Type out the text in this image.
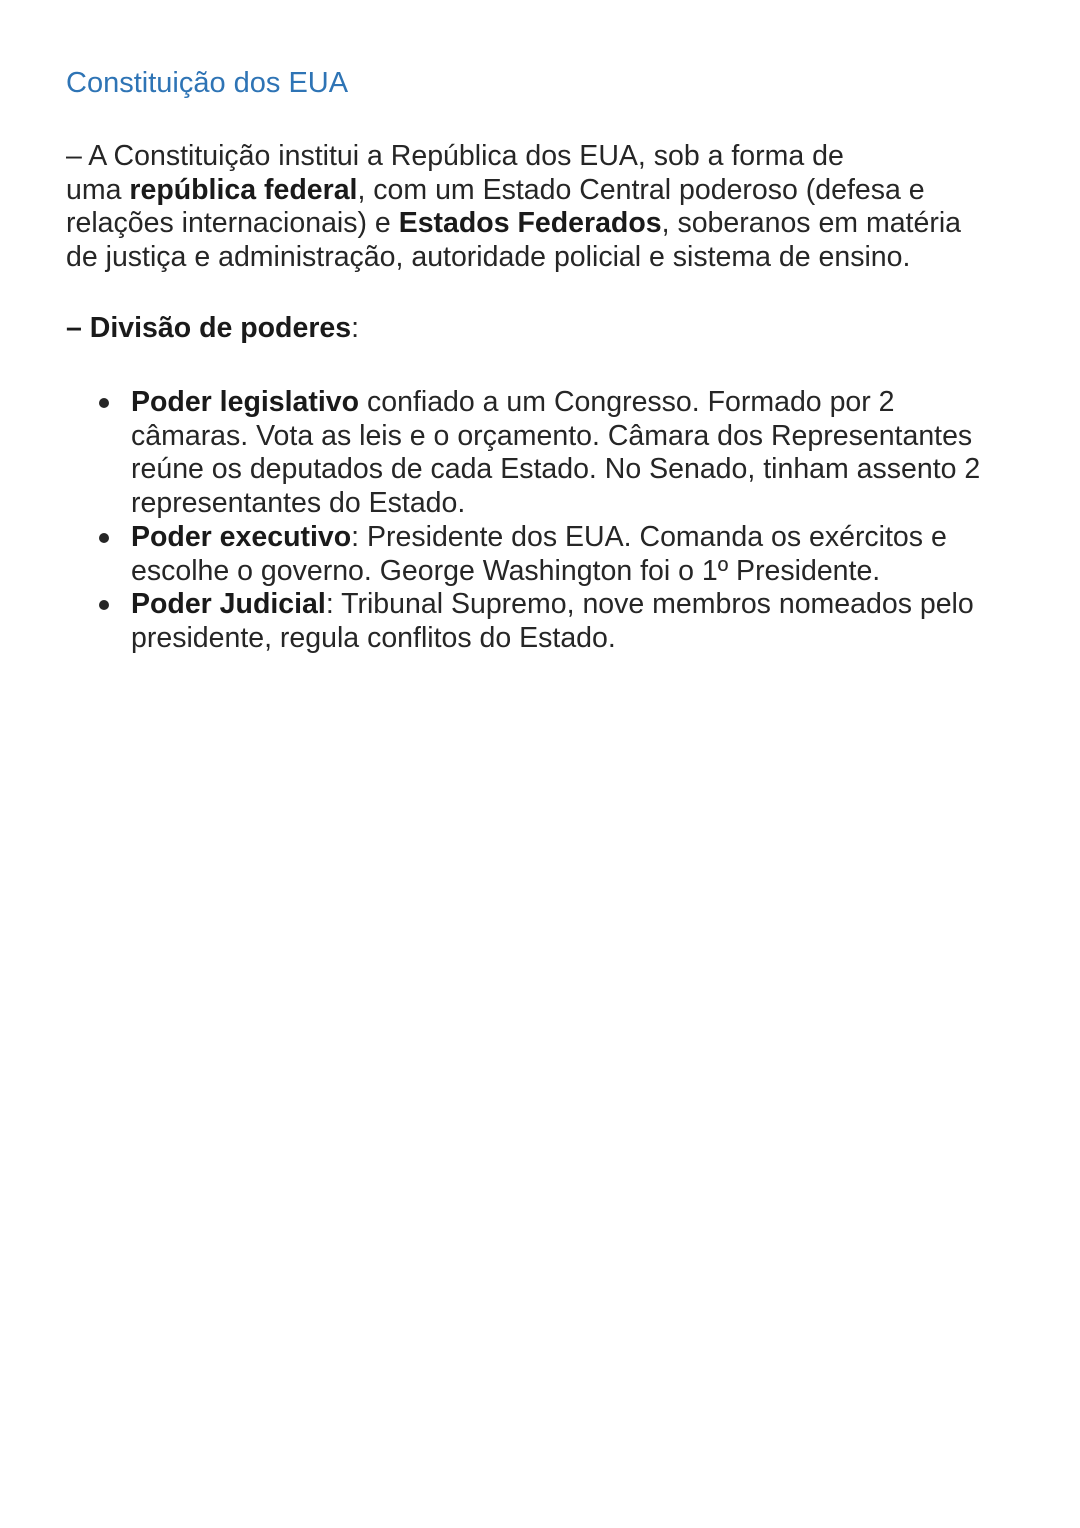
Constituição dos EUA
– A Constituição institui a República dos EUA, sob a forma de
uma república federal, com um Estado Central poderoso (defesa e
relações internacionais) e Estados Federados, soberanos em matéria
de justiça e administração, autoridade policial e sistema de ensino.
– Divisão de poderes:
Poder legislativo confiado a um Congresso. Formado por 2
câmaras. Vota as leis e o orçamento. Câmara dos Representantes
reúne os deputados de cada Estado. No Senado, tinham assento 2
representantes do Estado.
Poder executivo: Presidente dos EUA. Comanda os exércitos e
escolhe o governo. George Washington foi o 1º Presidente.
Poder Judicial: Tribunal Supremo, nove membros nomeados pelo
presidente, regula conflitos do Estado.
